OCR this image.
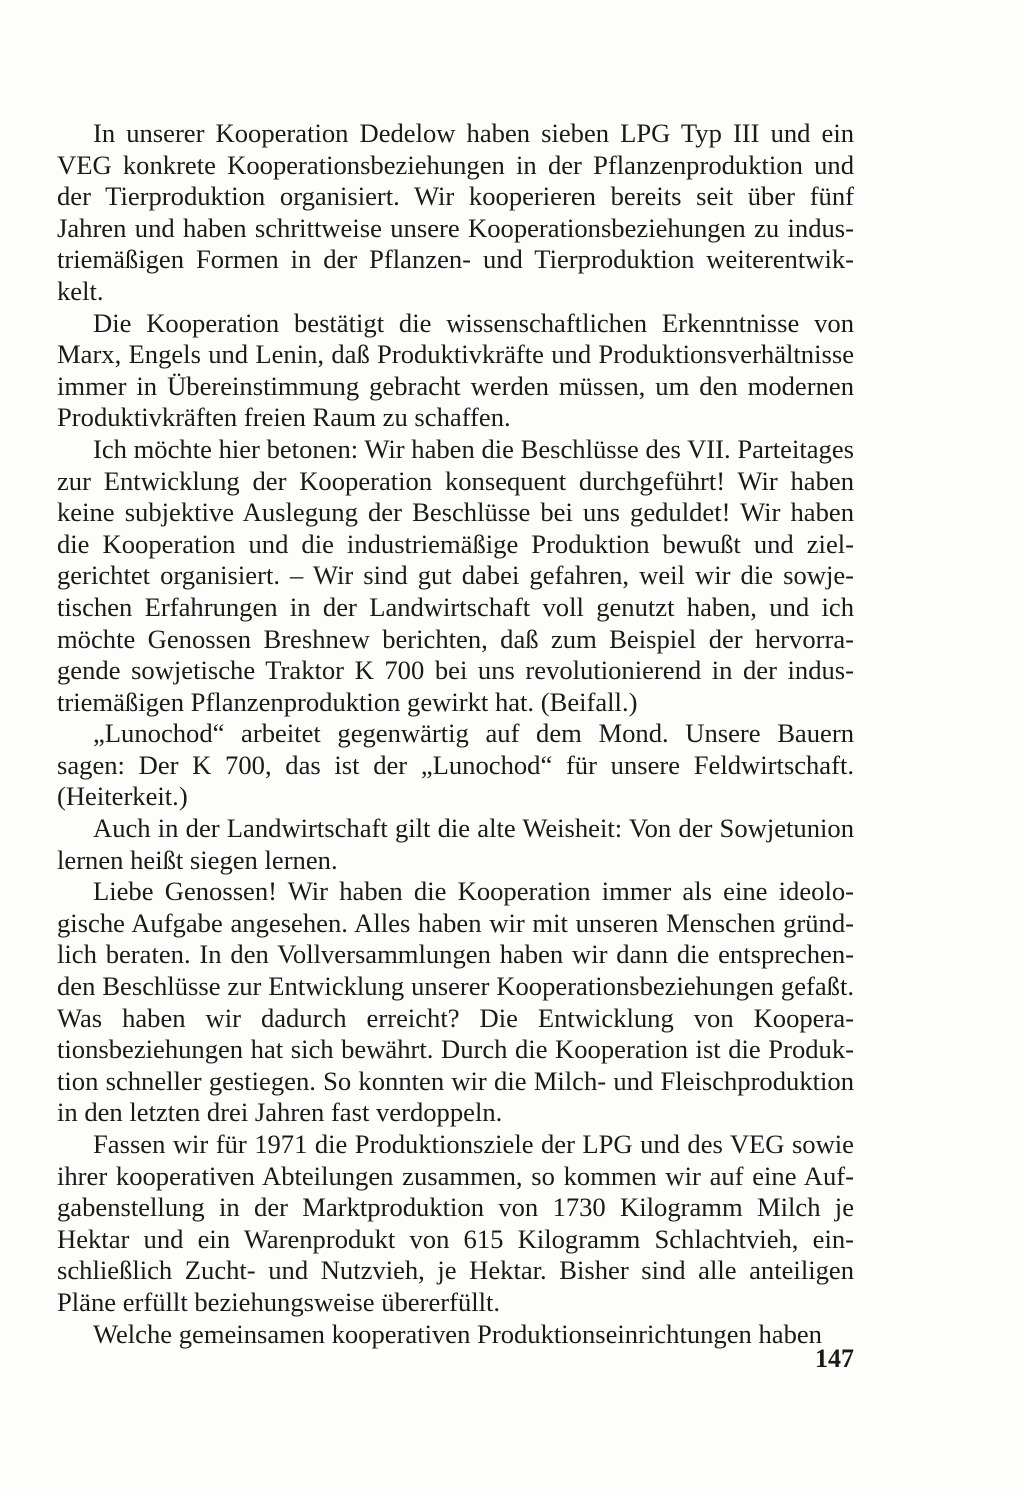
In unserer Kooperation Dedelow haben sieben LPG Typ III und ein VEG konkrete Kooperationsbeziehungen in der Pflanzenproduktion und der Tierproduktion organisiert. Wir kooperieren bereits seit über fünf Jahren und haben schrittweise unsere Kooperationsbeziehungen zu industriemäßigen Formen in der Pflanzen- und Tierproduktion weiterentwikkelt.

Die Kooperation bestätigt die wissenschaftlichen Erkenntnisse von Marx, Engels und Lenin, daß Produktivkräfte und Produktionsverhältnisse immer in Übereinstimmung gebracht werden müssen, um den modernen Produktivkräften freien Raum zu schaffen.

Ich möchte hier betonen: Wir haben die Beschlüsse des VII. Parteitages zur Entwicklung der Kooperation konsequent durchgeführt! Wir haben keine subjektive Auslegung der Beschlüsse bei uns geduldet! Wir haben die Kooperation und die industriemäßige Produktion bewußt und zielgerichtet organisiert. – Wir sind gut dabei gefahren, weil wir die sowjetischen Erfahrungen in der Landwirtschaft voll genutzt haben, und ich möchte Genossen Breshnew berichten, daß zum Beispiel der hervorragende sowjetische Traktor K 700 bei uns revolutionierend in der industriemäßigen Pflanzenproduktion gewirkt hat. (Beifall.)

„Lunochod“ arbeitet gegenwärtig auf dem Mond. Unsere Bauern sagen: Der K 700, das ist der „Lunochod“ für unsere Feldwirtschaft. (Heiterkeit.)

Auch in der Landwirtschaft gilt die alte Weisheit: Von der Sowjetunion lernen heißt siegen lernen.

Liebe Genossen! Wir haben die Kooperation immer als eine ideologische Aufgabe angesehen. Alles haben wir mit unseren Menschen gründlich beraten. In den Vollversammlungen haben wir dann die entsprechenden Beschlüsse zur Entwicklung unserer Kooperationsbeziehungen gefaßt. Was haben wir dadurch erreicht? Die Entwicklung von Kooperationsbeziehungen hat sich bewährt. Durch die Kooperation ist die Produktion schneller gestiegen. So konnten wir die Milch- und Fleischproduktion in den letzten drei Jahren fast verdoppeln.

Fassen wir für 1971 die Produktionsziele der LPG und des VEG sowie ihrer kooperativen Abteilungen zusammen, so kommen wir auf eine Aufgabenstellung in der Marktproduktion von 1730 Kilogramm Milch je Hektar und ein Warenprodukt von 615 Kilogramm Schlachtvieh, einschließlich Zucht- und Nutzvieh, je Hektar. Bisher sind alle anteiligen Pläne erfüllt beziehungsweise übererfüllt.

Welche gemeinsamen kooperativen Produktionseinrichtungen haben

147
